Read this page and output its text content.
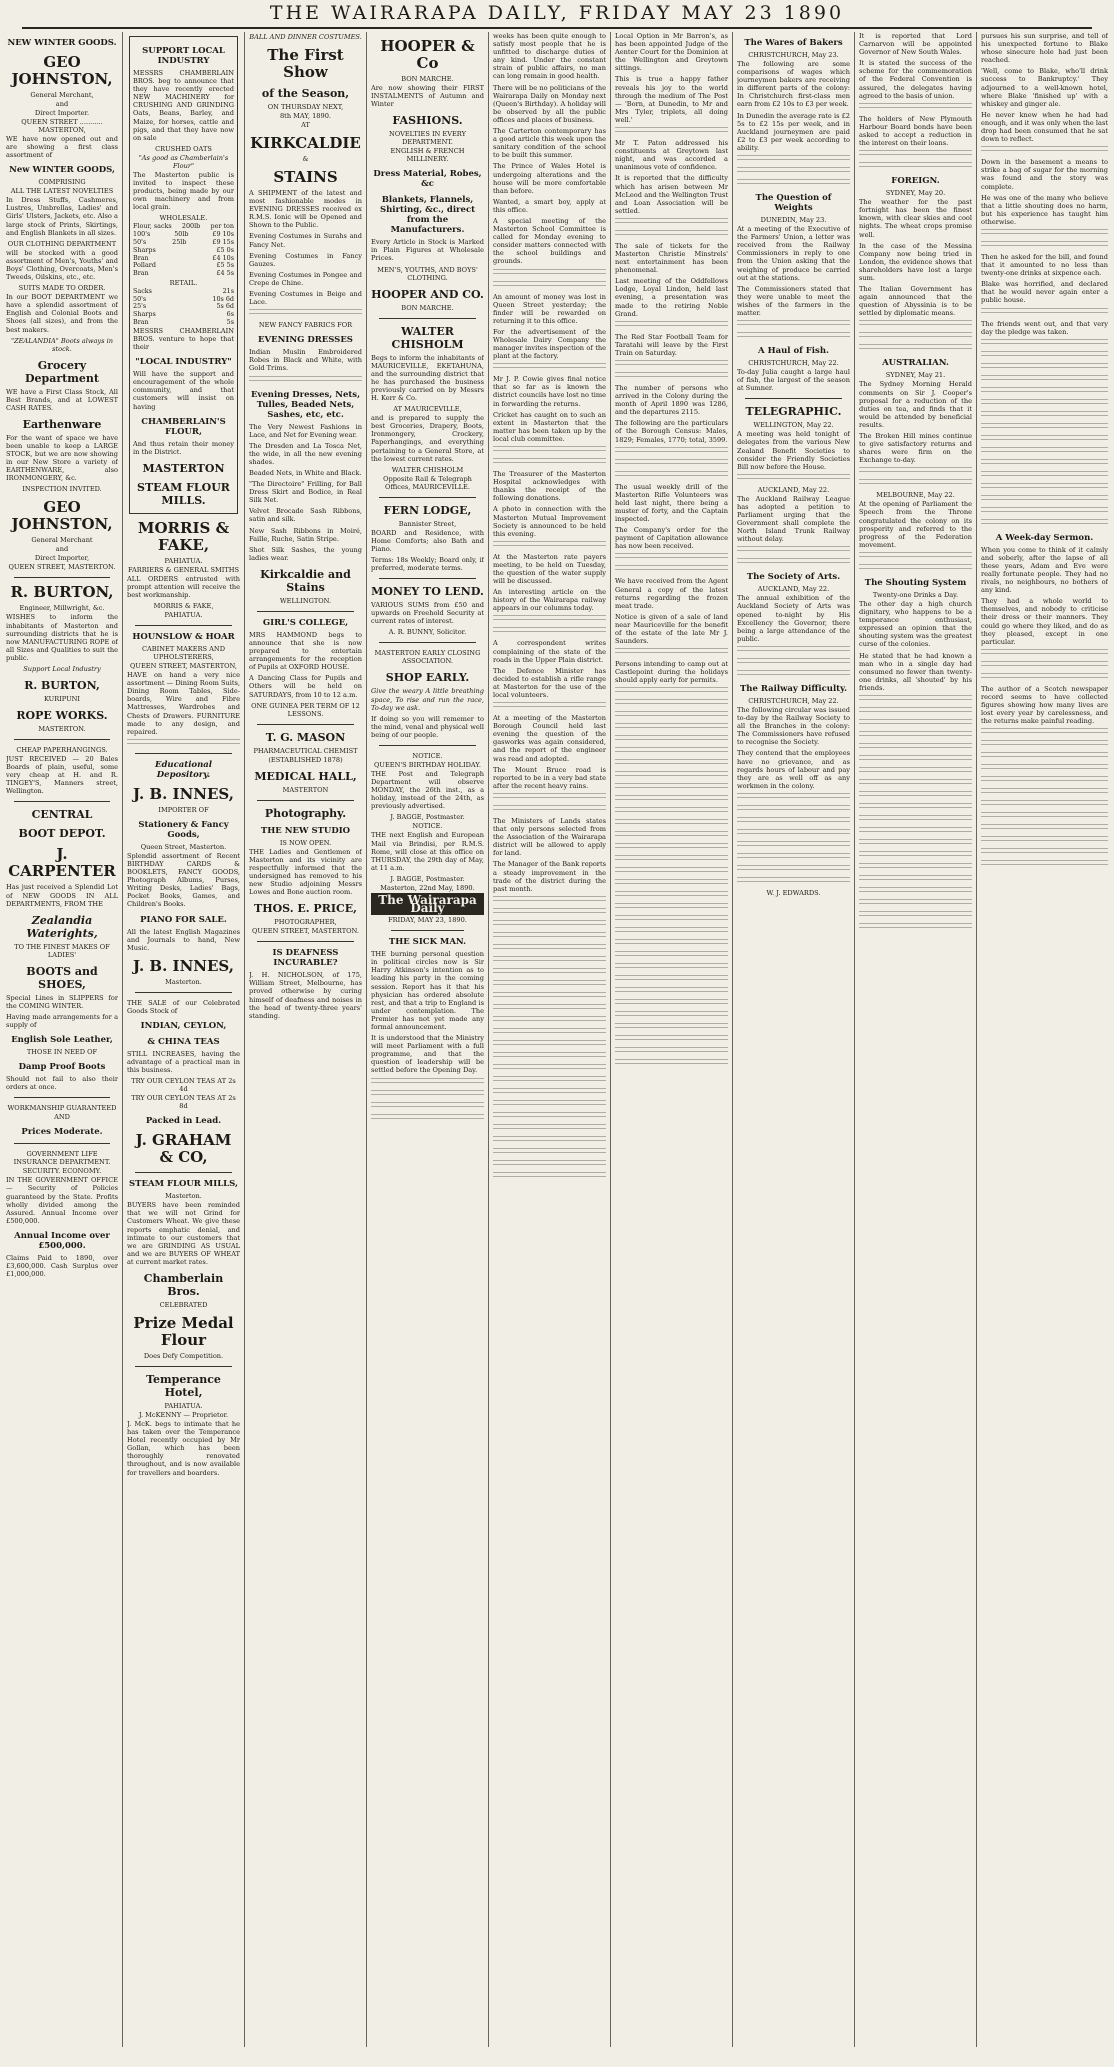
THE WAIRARAPA DAILY, FRIDAY MAY 23 1890
NEW WINTER GOODS.
GEO JOHNSTON,
General Merchant,
and
Direct Importer.
QUEEN STREET ........... MASTERTON,

WE have now opened out and are showing a first class assortment of

New WINTER GOODS,
COMPRISING
ALL THE LATEST NOVELTIES

In Dress Stuffs, Cashmeres, Lustres, Umbrellas, Ladies' and Girls' Ulsters, Jackets, etc. Also a large stock of Prints, Skirtings, and English Blankets in all sizes.

OUR CLOTHING DEPARTMENT

will be stocked with a good assortment of Men's, Youths' and Boys' Clothing, Overcoats, Men's Tweeds, Oilskins, etc., etc.

SUITS MADE TO ORDER.

In our BOOT DEPARTMENT we have a splendid assortment of English and Colonial Boots and Shoes (all sizes), and from the best makers.

"ZEALANDIA" Boots always in stock.
Grocery Department

WE have a First Class Stock, All Best Brands, and at LOWEST CASH RATES.

Earthenware

For the want of space we have been unable to keep a LARGE STOCK, but we are now showing in our New Store a variety of EARTHENWARE, also IRONMONGERY, &c.

INSPECTION INVITED.
GEO JOHNSTON,
General Merchant
and
Direct Importer,
QUEEN STREET, MASTERTON.
R. BURTON,
Engineer, Millwright, &c.

WISHES to inform the inhabitants of Masterton and surrounding districts that he is now MANUFACTURING ROPE of all Sizes and Qualities to suit the public.

Support Local Industry
R. BURTON,
KURIPUNI
ROPE WORKS.
MASTERTON.
CHEAP PAPERHANGINGS.

JUST RECEIVED — 20 Bales Boards of plain, useful, some very cheap at H. and R. TINGEY'S, Manners street, Wellington.

CENTRAL
BOOT DEPOT.
J. CARPENTER

Has just received a Splendid Lot of NEW GOODS IN ALL DEPARTMENTS, FROM THE

Zealandia Waterights,
TO THE FINEST MAKES OF LADIES'
BOOTS and SHOES,

Special Lines in SLIPPERS for the COMING WINTER.

Having made arrangements for a supply of

English Sole Leather,
THOSE IN NEED OF
Damp Proof Boots

Should not fail to also their orders at once.

WORKMANSHIP GUARANTEED
AND
Prices Moderate.
GOVERNMENT LIFE INSURANCE DEPARTMENT.
SECURITY. ECONOMY.

IN THE GOVERNMENT OFFICE — Security of Policies guaranteed by the State. Profits wholly divided among the Assured. Annual Income over £500,000.

Annual Income over £500,000.

Claims Paid to 1890, over £3,600,000. Cash Surplus over £1,000,000.

SUPPORT LOCAL INDUSTRY

MESSRS CHAMBERLAIN BROS. beg to announce that they have recently erected NEW MACHINERY for CRUSHING AND GRINDING Oats, Beans, Barley, and Maize, for horses, cattle and pigs, and that they have now on sale

CRUSHED OATS
"As good as Chamberlain's Flour"

The Masterton public is invited to inspect these products, being made by our own machinery and from local grain.

WHOLESALE.
Flour, sacks 200lb per ton
100's	50lb	£9 10s
50's	25lb	£9 15s
Sharps	£5 0s
Bran	£4 10s
Pollard	£5 5s
Bran	£4 5s
RETAIL.
Sacks	21s
50's	10s 6d
25's	5s 6d
Sharps	6s
Bran	5s

MESSRS CHAMBERLAIN BROS. venture to hope that their

"LOCAL INDUSTRY"

Will have the support and encouragement of the whole community, and that customers will insist on having

CHAMBERLAIN'S FLOUR,

And thus retain their money in the District.

MASTERTON
STEAM FLOUR MILLS.
MORRIS & FAKE,
PAHIATUA.
FARRIERS & GENERAL SMITHS

ALL ORDERS entrusted with prompt attention will receive the best workmanship.

MORRIS & FAKE,
PAHIATUA.
HOUNSLOW & HOAR
CABINET MAKERS AND UPHOLSTERERS,
QUEEN STREET, MASTERTON,

HAVE on hand a very nice assortment — Dining Room Suits, Dining Room Tables, Side-boards, Wire and Fibre Mattresses, Wardrobes and Chests of Drawers. FURNITURE made to any design, and repaired.

Educational Depository.
J. B. INNES,
IMPORTER OF
Stationery & Fancy Goods,
Queen Street, Masterton.

Splendid assortment of Recent BIRTHDAY CARDS & BOOKLETS, FANCY GOODS, Photograph Albums, Purses, Writing Desks, Ladies' Bags, Pocket Books, Games, and Children's Books.

PIANO FOR SALE.

All the latest English Magazines and Journals to hand, New Music.

J. B. INNES,
Masterton.

THE SALE of our Celebrated Goods Stock of

INDIAN, CEYLON,
& CHINA TEAS

STILL INCREASES, having the advantage of a practical man in this business.

TRY OUR CEYLON TEAS AT 2s 4d
TRY OUR CEYLON TEAS AT 2s 8d
Packed in Lead.
J. GRAHAM & CO,
STEAM FLOUR MILLS,
Masterton.

BUYERS have been reminded that we will not Grind for Customers Wheat. We give these reports emphatic denial, and intimate to our customers that we are GRINDING AS USUAL and we are BUYERS OF WHEAT at current market rates.

Chamberlain Bros.
CELEBRATED
Prize Medal Flour
Does Defy Competition.
Temperance Hotel,
PAHIATUA.
J. McKENNY — Proprietor.

J. McK. begs to intimate that he has taken over the Temperance Hotel recently occupied by Mr Gollan, which has been thoroughly renovated throughout, and is now available for travellers and boarders.

BALL AND DINNER COSTUMES.
The First Show
of the Season,
ON THURSDAY NEXT,
8th MAY, 1890.
AT
KIRKCALDIE
&
STAINS

A SHIPMENT of the latest and most fashionable modes in EVENING DRESSES received ex R.M.S. Ionic will be Opened and Shown to the Public.

Evening Costumes in Surahs and Fancy Net.

Evening Costumes in Fancy Gauzes.

Evening Costumes in Pongee and Crepe de Chine.

Evening Costumes in Beige and Lace.

NEW FANCY FABRICS FOR
EVENING DRESSES

Indian Muslin Embroidered Robes in Black and White, with Gold Trims.

Evening Dresses, Nets, Tulles, Beaded Nets, Sashes, etc, etc.

The Very Newest Fashions in Lace, and Net for Evening wear.

The Dresden and La Tosca Net, the wide, in all the new evening shades.

Beaded Nets, in White and Black.

"The Directoire" Frilling, for Ball Dress Skirt and Bodice, in Real Silk Net.

Velvet Brocade Sash Ribbons, satin and silk.

New Sash Ribbons in Moiré, Faille, Ruche, Satin Stripe.

Shot Silk Sashes, the young ladies wear.

Kirkcaldie and Stains
WELLINGTON.
GIRL'S COLLEGE,

MRS HAMMOND begs to announce that she is now prepared to entertain arrangements for the reception of Pupils at OXFORD HOUSE.

A Dancing Class for Pupils and Others will be held on SATURDAYS, from 10 to 12 a.m.

ONE GUINEA PER TERM OF 12 LESSONS.
T. G. MASON
PHARMACEUTICAL CHEMIST
(ESTABLISHED 1878)
MEDICAL HALL,
MASTERTON
Photography.
THE NEW STUDIO
IS NOW OPEN.

THE Ladies and Gentlemen of Masterton and its vicinity are respectfully informed that the undersigned has removed to his new Studio adjoining Messrs Lowes and Bone auction room.

THOS. E. PRICE,
PHOTOGRAPHER,
QUEEN STREET, MASTERTON.
IS DEAFNESS INCURABLE?

J. H. NICHOLSON, of 175, William Street, Melbourne, has proved otherwise by curing himself of deafness and noises in the head of twenty-three years' standing.

HOOPER & Co
BON MARCHE.

Are now showing their FIRST INSTALMENTS of Autumn and Winter

FASHIONS.
NOVELTIES IN EVERY DEPARTMENT.
ENGLISH & FRENCH MILLINERY.
Dress Material, Robes, &c
Blankets, Flannels, Shirting, &c., direct from the Manufacturers.

Every Article in Stock is Marked in Plain Figures at Wholesale Prices.

MEN'S, YOUTHS, AND BOYS' CLOTHING.
HOOPER AND CO.
BON MARCHE.
WALTER CHISHOLM

Begs to inform the inhabitants of MAURICEVILLE, EKETAHUNA, and the surrounding district that he has purchased the business previously carried on by Messrs H. Kerr & Co.

AT MAURICEVILLE,

and is prepared to supply the best Groceries, Drapery, Boots, Ironmongery, Crockery, Paperhangings, and everything pertaining to a General Store, at the lowest current rates.

WALTER CHISHOLM
Opposite Rail & Telegraph Offices, MAURICEVILLE.
FERN LODGE,
Bannister Street,

BOARD and Residence, with Home Comforts; also Bath and Piano.

Terms: 18s Weekly; Board only, if preferred, moderate terms.

MONEY TO LEND.

VARIOUS SUMS from £50 and upwards on Freehold Security at current rates of interest.

A. R. BUNNY, Solicitor.
MASTERTON EARLY CLOSING ASSOCIATION.
SHOP EARLY.

Give the weary A little breathing space, To rise and run the race, To-day we ask.

If doing so you will rememer to the mind, venal and physical well being of our people.

NOTICE.
QUEEN'S BIRTHDAY HOLIDAY.

THE Post and Telegraph Department will observe MONDAY, the 26th inst., as a holiday, instead of the 24th, as previously advertised.

J. BAGGE, Postmaster.
NOTICE.

THE next English and European Mail via Brindisi, per R.M.S. Rome, will close at this office on THURSDAY, the 29th day of May, at 11 a.m.

J. BAGGE, Postmaster.
Masterton, 22nd May, 1890.
The Wairarapa Daily
FRIDAY, MAY 23, 1890.
THE SICK MAN.

THE burning personal question in political circles now is Sir Harry Atkinson's intention as to leading his party in the coming session. Report has it that his physician has ordered absolute rest, and that a trip to England is under contemplation. The Premier has not yet made any formal announcement.

It is understood that the Ministry will meet Parliament with a full programme, and that the question of leadership will be settled before the Opening Day.

weeks has been quite enough to satisfy most people that he is unfitted to discharge duties of any kind. Under the constant strain of public affairs, no man can long remain in good health.

There will be no politicians of the Wairarapa Daily on Monday next (Queen's Birthday). A holiday will be observed by all the public offices and places of business.

The Carterton contemporary has a good article this week upon the sanitary condition of the school to be built this summer.

The Prince of Wales Hotel is undergoing alterations and the house will be more comfortable than before.

Wanted, a smart boy, apply at this office.

A special meeting of the Masterton School Committee is called for Monday evening to consider matters connected with the school buildings and grounds.

An amount of money was lost in Queen Street yesterday; the finder will be rewarded on returning it to this office.

For the advertisement of the Wholesale Dairy Company the manager invites inspection of the plant at the factory.

Mr J. P. Cowie gives final notice that so far as is known the district councils have lost no time in forwarding the returns.

Cricket has caught on to such an extent in Masterton that the matter has been taken up by the local club committee.

The Treasurer of the Masterton Hospital acknowledges with thanks the receipt of the following donations.

A photo in connection with the Masterton Mutual Improvement Society is announced to be held this evening.

At the Masterton rate payers meeting, to be held on Tuesday, the question of the water supply will be discussed.

An interesting article on the history of the Wairarapa railway appears in our columns today.

A correspondent writes complaining of the state of the roads in the Upper Plain district.

The Defence Minister has decided to establish a rifle range at Masterton for the use of the local volunteers.

At a meeting of the Masterton Borough Council held last evening the question of the gasworks was again considered, and the report of the engineer was read and adopted.

The Mount Bruce road is reported to be in a very bad state after the recent heavy rains.

The Ministers of Lands states that only persons selected from the Association of the Wairarapa district will be allowed to apply for land.

The Manager of the Bank reports a steady improvement in the trade of the district during the past month.

Local Option in Mr Barron's, as has been appointed Judge of the Aenter Court for the Dominion at the Wellington and Greytown sittings.

This is true a happy father reveals his joy to the world through the medium of The Post — 'Born, at Dunedin, to Mr and Mrs Tyler, triplets, all doing well.'

Mr T. Paton addressed his constituents at Greytown last night, and was accorded a unanimous vote of confidence.

It is reported that the difficulty which has arisen between Mr McLeod and the Wellington Trust and Loan Association will be settled.

The sale of tickets for the Masterton Christie Minstrels' next entertainment has been phenomenal.

Last meeting of the Oddfellows Lodge, Loyal Lindon, held last evening, a presentation was made to the retiring Noble Grand.

The Red Star Football Team for Taratahi will leave by the First Train on Saturday.

The number of persons who arrived in the Colony during the month of April 1890 was 1286, and the departures 2115.

The following are the particulars of the Borough Census: Males, 1829; Females, 1770; total, 3599.

The usual weekly drill of the Masterton Rifle Volunteers was held last night, there being a muster of forty, and the Captain inspected.

The Company's order for the payment of Capitation allowance has now been received.

We have received from the Agent General a copy of the latest returns regarding the frozen meat trade.

Notice is given of a sale of land near Mauriceville for the benefit of the estate of the late Mr J. Saunders.

Persons intending to camp out at Castlepoint during the holidays should apply early for permits.

The Wares of Bakers
CHRISTCHURCH, May 23.

The following are some comparisons of wages which journeymen bakers are receiving in different parts of the colony: In Christchurch first-class men earn from £2 10s to £3 per week.

In Dunedin the average rate is £2 5s to £2 15s per week, and in Auckland journeymen are paid £2 to £3 per week according to ability.

The Question of Weights
DUNEDIN, May 23.

At a meeting of the Executive of the Farmers' Union, a letter was received from the Railway Commissioners in reply to one from the Union asking that the weighing of produce be carried out at the stations.

The Commissioners stated that they were unable to meet the wishes of the farmers in the matter.

A Haul of Fish.
CHRISTCHURCH, May 22.

To-day Julia caught a large haul of fish, the largest of the season at Sumner.

TELEGRAPHIC.
WELLINGTON, May 22.

A meeting was held tonight of delegates from the various New Zealand Benefit Societies to consider the Friendly Societies Bill now before the House.

AUCKLAND, May 22.

The Auckland Railway League has adopted a petition to Parliament urging that the Government shall complete the North Island Trunk Railway without delay.

The Society of Arts.
AUCKLAND, May 22.

The annual exhibition of the Auckland Society of Arts was opened to-night by His Excellency the Governor, there being a large attendance of the public.

The Railway Difficulty.
CHRISTCHURCH, May 22.

The following circular was issued to-day by the Railway Society to all the Branches in the colony: The Commissioners have refused to recognise the Society.

They contend that the employees have no grievance, and as regards hours of labour and pay they are as well off as any workmen in the colony.

W. J. EDWARDS.

It is reported that Lord Carnarvon will be appointed Governor of New South Wales.

It is stated the success of the scheme for the commemoration of the Federal Convention is assured, the delegates having agreed to the basis of union.

The holders of New Plymouth Harbour Board bonds have been asked to accept a reduction in the interest on their loans.

FOREIGN.
SYDNEY, May 20.

The weather for the past fortnight has been the finest known, with clear skies and cool nights. The wheat crops promise well.

In the case of the Messina Company now being tried in London, the evidence shows that shareholders have lost a large sum.

The Italian Government has again announced that the question of Abyssinia is to be settled by diplomatic means.

AUSTRALIAN.
SYDNEY, May 21.

The Sydney Morning Herald comments on Sir J. Cooper's proposal for a reduction of the duties on tea, and finds that it would be attended by beneficial results.

The Broken Hill mines continue to give satisfactory returns and shares were firm on the Exchange to-day.

MELBOURNE, May 22.

At the opening of Parliament the Speech from the Throne congratulated the colony on its prosperity and referred to the progress of the Federation movement.

The Shouting System
Twenty-one Drinks a Day.

The other day a high church dignitary, who happens to be a temperance enthusiast, expressed an opinion that the shouting system was the greatest curse of the colonies.

He stated that he had known a man who in a single day had consumed no fewer than twenty-one drinks, all 'shouted' by his friends.

pursues his sun surprise, and tell of his unexpected fortune to Blake whose sinecure hole had just been reached.

'Well, come to Blake, who'll drink success to Bankruptcy.' They adjourned to a well-known hotel, where Blake 'finished up' with a whiskey and ginger ale.

He never knew when he had had enough, and it was only when the last drop had been consumed that he sat down to reflect.

Down in the basement a means to strike a bag of sugar for the morning was found and the story was complete.

He was one of the many who believe that a little shouting does no harm, but his experience has taught him otherwise.

Then he asked for the bill, and found that it amounted to no less than twenty-one drinks at sixpence each.

Blake was horrified, and declared that he would never again enter a public house.

The friends went out, and that very day the pledge was taken.

A Week-day Sermon.

When you come to think of it calmly and soberly, after the lapse of all these years, Adam and Eve were really fortunate people. They had no rivals, no neighbours, no bothers of any kind.

They had a whole world to themselves, and nobody to criticise their dress or their manners. They could go where they liked, and do as they pleased, except in one particular.

The author of a Scotch newspaper record seems to have collected figures showing how many lives are lost every year by carelessness, and the returns make painful reading.
